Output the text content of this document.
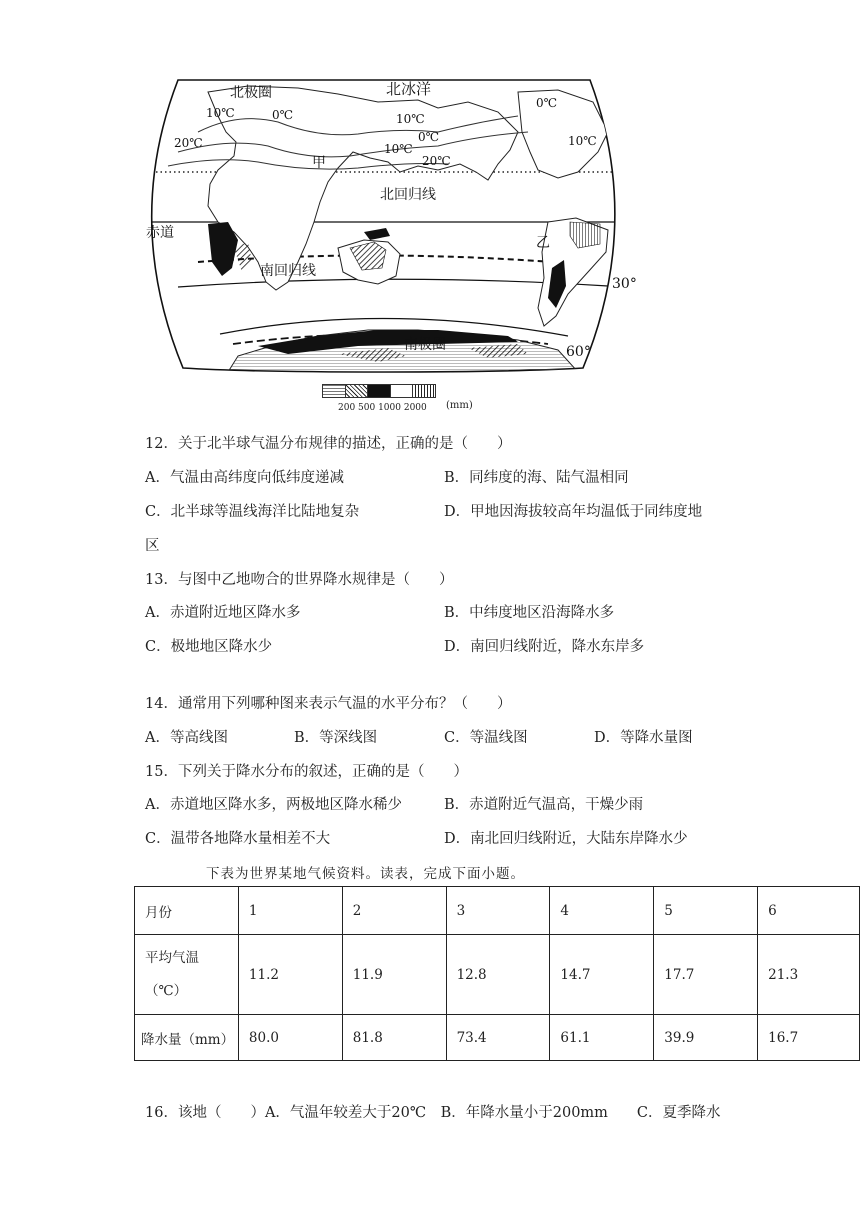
北极圈	北冰洋
10℃	0℃
20℃
10℃
0℃
10℃
20℃
0℃
10℃
甲
北回归线
赤道
乙
南回归线
30°
南极圈	60°
200 500 1000 2000 (mm)
12．关于北半球气温分布规律的描述，正确的是（　　）
A．气温由高纬度向低纬度递减	B．同纬度的海、陆气温相同
C．北半球等温线海洋比陆地复杂	D．甲地因海拔较高年均温低于同纬度地
区
13．与图中乙地吻合的世界降水规律是（　　）
A．赤道附近地区降水多	B．中纬度地区沿海降水多
C．极地地区降水少	D．南回归线附近，降水东岸多
14．通常用下列哪种图来表示气温的水平分布？（　　）
A．等高线图	B．等深线图	C．等温线图	D．等降水量图
15．下列关于降水分布的叙述，正确的是（　　）
A．赤道地区降水多，两极地区降水稀少	B．赤道附近气温高，干燥少雨
C．温带各地降水量相差不大	D．南北回归线附近，大陆东岸降水少
下表为世界某地气候资料。读表，完成下面小题。
月份	1	2	3	4	5	6
平均气温
（℃）	11.2	11.9	12.8	14.7	17.7	21.3
降水量（mm）	80.0	81.8	73.4	61.1	39.9	16.7
16．该地（　　）A．气温年较差大于20℃　B．年降水量小于200mm　　C．夏季降水
